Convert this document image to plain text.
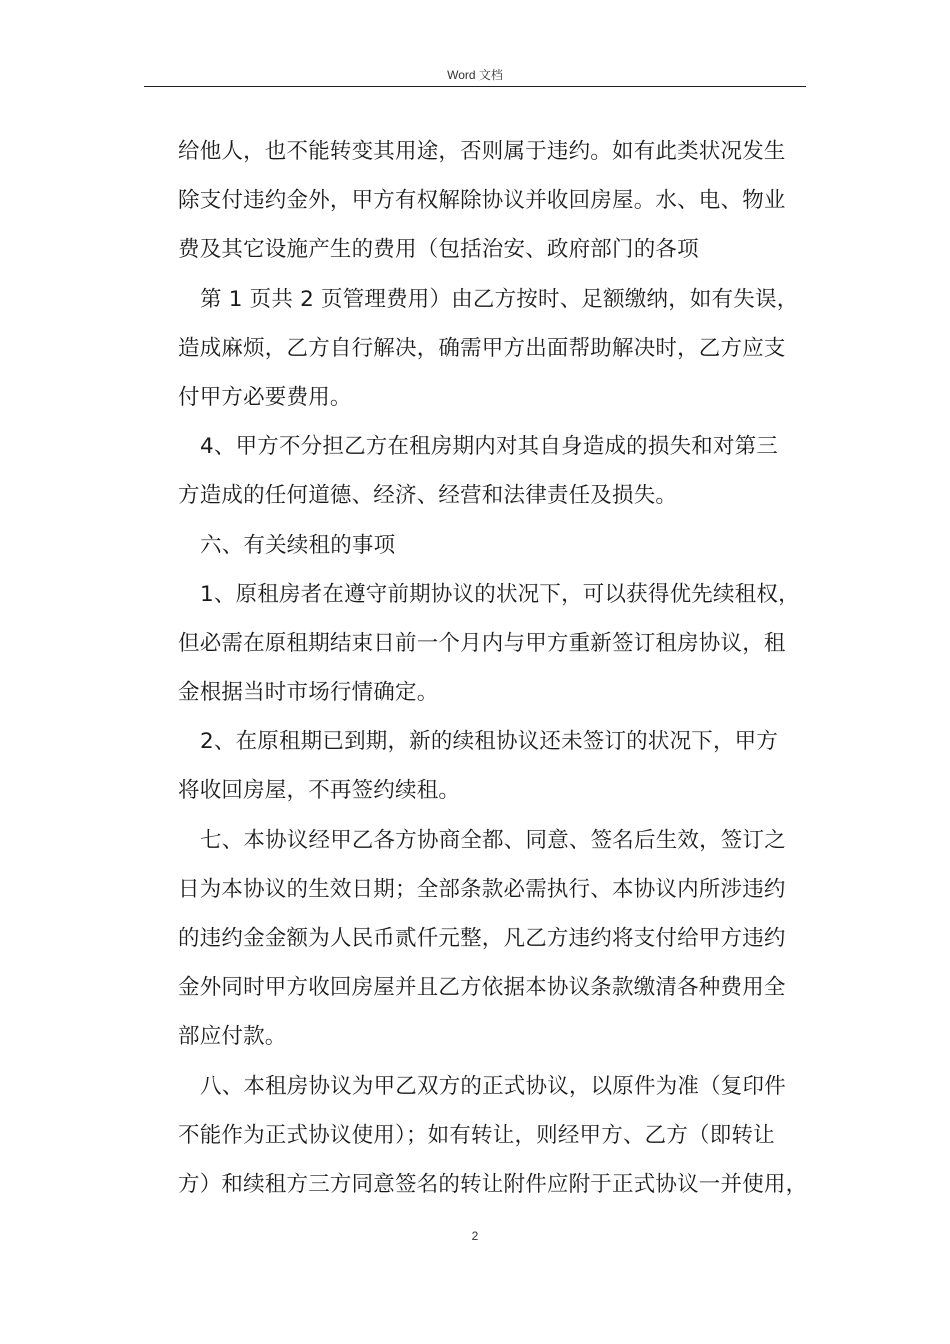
Word 文档
给他人，也不能转变其用途，否则属于违约。如有此类状况发生
除支付违约金外，甲方有权解除协议并收回房屋。水、电、物业
费及其它设施产生的费用（包括治安、政府部门的各项
第 1 页共 2 页管理费用）由乙方按时、足额缴纳，如有失误，
造成麻烦，乙方自行解决，确需甲方出面帮助解决时，乙方应支
付甲方必要费用。
4、甲方不分担乙方在租房期内对其自身造成的损失和对第三
方造成的任何道德、经济、经营和法律责任及损失。
六、有关续租的事项
1、原租房者在遵守前期协议的状况下，可以获得优先续租权，
但必需在原租期结束日前一个月内与甲方重新签订租房协议，租
金根据当时市场行情确定。
2、在原租期已到期，新的续租协议还未签订的状况下，甲方
将收回房屋，不再签约续租。
七、本协议经甲乙各方协商全都、同意、签名后生效，签订之
日为本协议的生效日期；全部条款必需执行、本协议内所涉违约
的违约金金额为人民币贰仟元整，凡乙方违约将支付给甲方违约
金外同时甲方收回房屋并且乙方依据本协议条款缴清各种费用全
部应付款。
八、本租房协议为甲乙双方的正式协议，以原件为准（复印件
不能作为正式协议使用）；如有转让，则经甲方、乙方（即转让
方）和续租方三方同意签名的转让附件应附于正式协议一并使用，
2
